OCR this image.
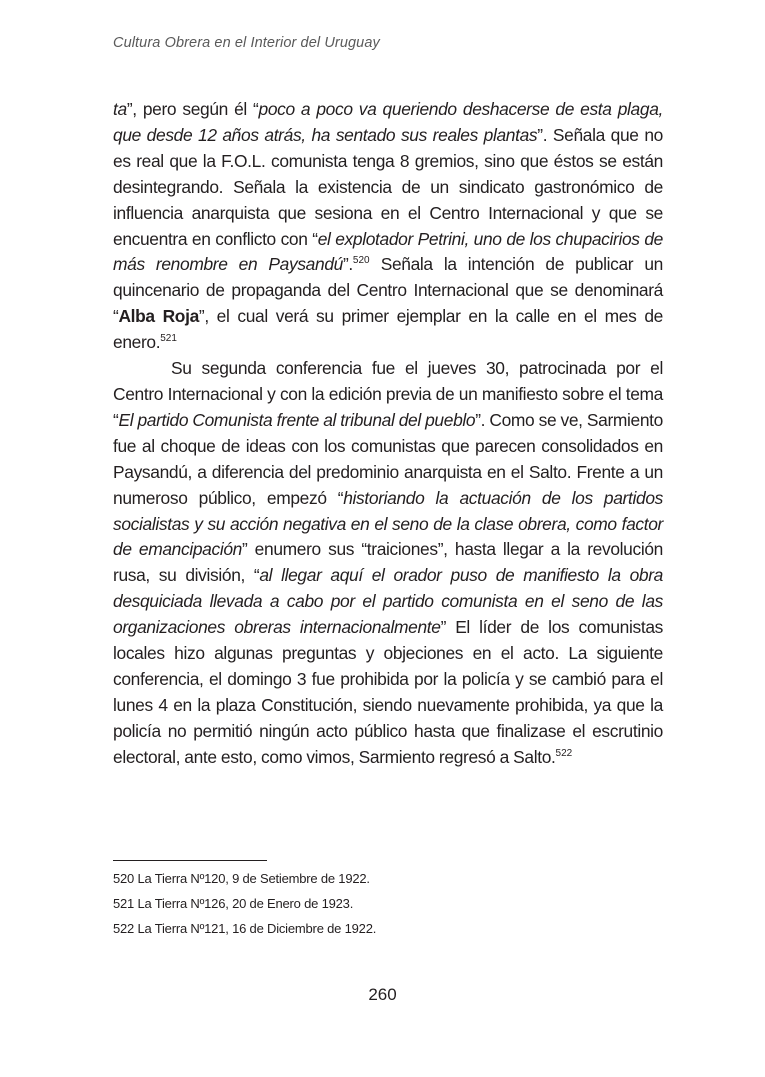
Cultura Obrera en el Interior del Uruguay

ta”, pero según él “poco a poco va queriendo deshacerse de esta plaga, que desde 12 años atrás, ha sentado sus reales plantas”. Señala que no es real que la F.O.L. comunista tenga 8 gremios, sino que éstos se están desintegrando. Señala la existencia de un sindicato gastronómico de influencia anarquista que sesiona en el Centro Internacional y que se encuentra en conflicto con “el explotador Petrini, uno de los chupacirios de más renombre en Paysandú”.$^{520}$ Señala la intención de publicar un quincenario de propaganda del Centro Internacional que se denominará “Alba Roja”, el cual verá su primer ejemplar en la calle en el mes de enero.$^{521}$

Su segunda conferencia fue el jueves 30, patrocinada por el Centro Internacional y con la edición previa de un manifiesto sobre el tema “El partido Comunista frente al tribunal del pueblo”. Como se ve, Sarmiento fue al choque de ideas con los comunistas que parecen consolidados en Paysandú, a diferencia del predominio anarquista en el Salto. Frente a un numeroso público, empezó “historiando la actuación de los partidos socialistas y su acción negativa en el seno de la clase obrera, como factor de emancipación” enumero sus “traiciones”, hasta llegar a la revolución rusa, su división, “al llegar aquí el orador puso de manifiesto la obra desquiciada llevada a cabo por el partido comunista en el seno de las organizaciones obreras internacionalmente” El líder de los comunistas locales hizo algunas preguntas y objeciones en el acto. La siguiente conferencia, el domingo 3 fue prohibida por la policía y se cambió para el lunes 4 en la plaza Constitución, siendo nuevamente prohibida, ya que la policía no permitió ningún acto público hasta que finalizase el escrutinio electoral, ante esto, como vimos, Sarmiento regresó a Salto.$^{522}$

520 La Tierra Nº120, 9 de Setiembre de 1922.
521 La Tierra Nº126, 20 de Enero de 1923.
522 La Tierra Nº121, 16 de Diciembre de 1922.
260
